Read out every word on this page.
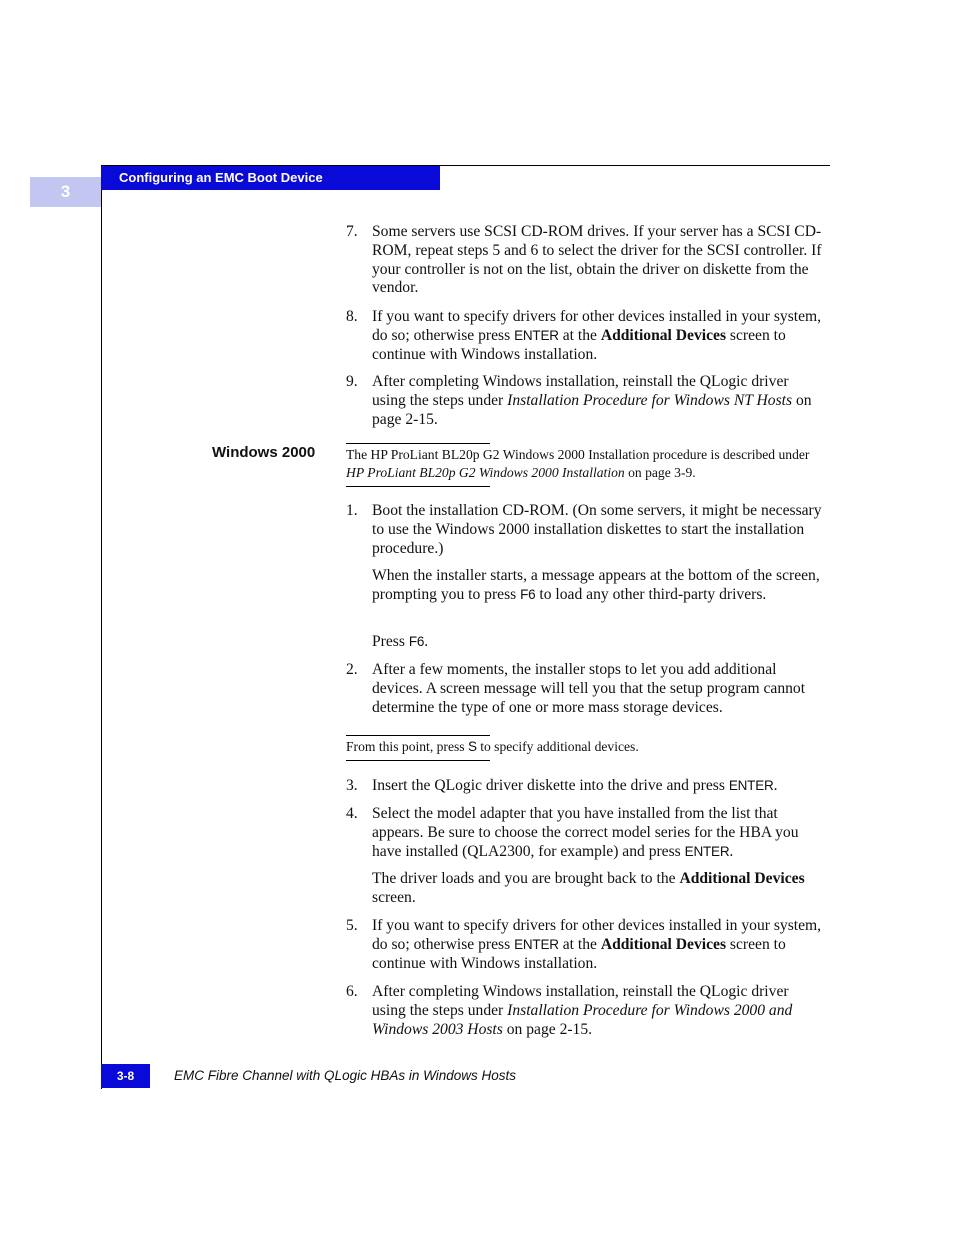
Configuring an EMC Boot Device
3
7. Some servers use SCSI CD-ROM drives. If your server has a SCSI CD-ROM, repeat steps 5 and 6 to select the driver for the SCSI controller. If your controller is not on the list, obtain the driver on diskette from the vendor.
8. If you want to specify drivers for other devices installed in your system, do so; otherwise press ENTER at the Additional Devices screen to continue with Windows installation.
9. After completing Windows installation, reinstall the QLogic driver using the steps under Installation Procedure for Windows NT Hosts on page 2-15.
Windows 2000 The HP ProLiant BL20p G2 Windows 2000 Installation procedure is described under HP ProLiant BL20p G2 Windows 2000 Installation on page 3-9.
1. Boot the installation CD-ROM. (On some servers, it might be necessary to use the Windows 2000 installation diskettes to start the installation procedure.)
When the installer starts, a message appears at the bottom of the screen, prompting you to press F6 to load any other third-party drivers.
Press F6.
2. After a few moments, the installer stops to let you add additional devices. A screen message will tell you that the setup program cannot determine the type of one or more mass storage devices.
From this point, press S to specify additional devices.
3. Insert the QLogic driver diskette into the drive and press ENTER.
4. Select the model adapter that you have installed from the list that appears. Be sure to choose the correct model series for the HBA you have installed (QLA2300, for example) and press ENTER.
The driver loads and you are brought back to the Additional Devices screen.
5. If you want to specify drivers for other devices installed in your system, do so; otherwise press ENTER at the Additional Devices screen to continue with Windows installation.
6. After completing Windows installation, reinstall the QLogic driver using the steps under Installation Procedure for Windows 2000 and Windows 2003 Hosts on page 2-15.
3-8	EMC Fibre Channel with QLogic HBAs in Windows Hosts
